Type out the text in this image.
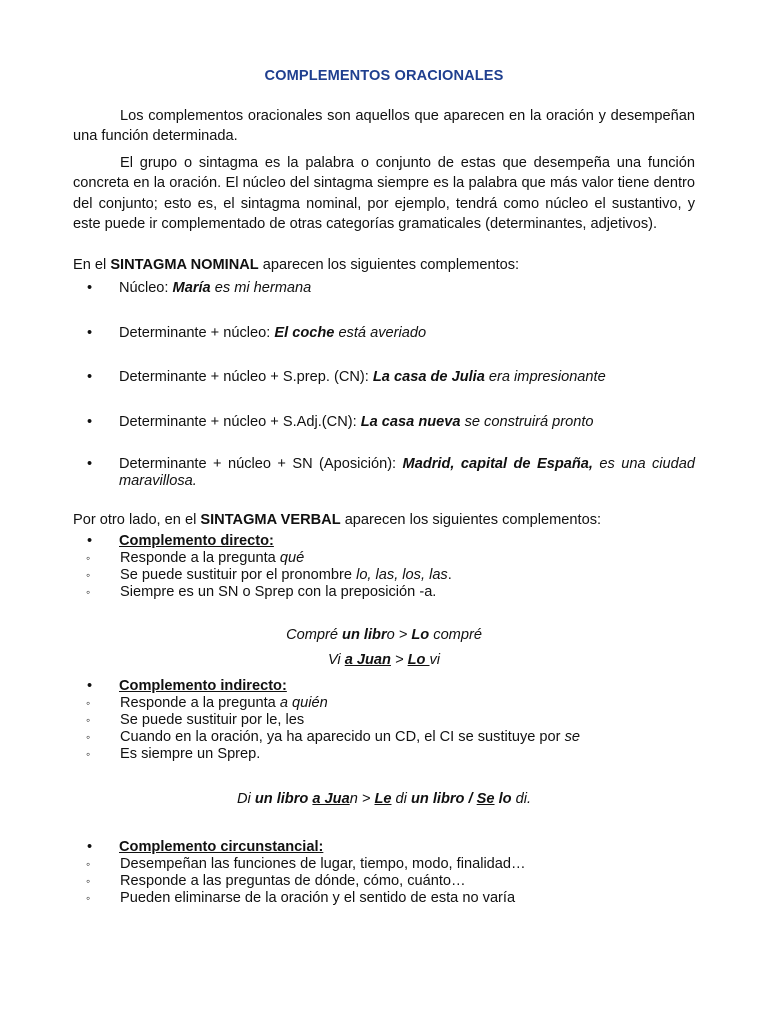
COMPLEMENTOS ORACIONALES

Los complementos oracionales son aquellos que aparecen en la oración y desempeñan una función determinada.

El grupo o sintagma es la palabra o conjunto de estas que desempeña una función concreta en la oración. El núcleo del sintagma siempre es la palabra que más valor tiene dentro del conjunto; esto es, el sintagma nominal, por ejemplo, tendrá como núcleo el sustantivo, y este puede ir complementado de otras categorías gramaticales (determinantes, adjetivos).

En el SINTAGMA NOMINAL aparecen los siguientes complementos:

• Núcleo: María es mi hermana
• Determinante + núcleo: El coche está averiado
• Determinante + núcleo + S.prep. (CN): La casa de Julia era impresionante
• Determinante + núcleo + S.Adj.(CN): La casa nueva se construirá pronto
• Determinante + núcleo + SN (Aposición): Madrid, capital de España, es una ciudad maravillosa.

Por otro lado, en el SINTAGMA VERBAL aparecen los siguientes complementos:

• Complemento directo:
◦ Responde a la pregunta qué
◦ Se puede sustituir por el pronombre lo, las, los, las.
◦ Siempre es un SN o Sprep con la preposición -a.

Compré un libro > Lo compré

Vi a Juan > Lo vi

• Complemento indirecto:
◦ Responde a la pregunta a quién
◦ Se puede sustituir por le, les
◦ Cuando en la oración, ya ha aparecido un CD, el CI se sustituye por se
◦ Es siempre un Sprep.

Di un libro a Juan > Le di un libro / Se lo di.

• Complemento circunstancial:
◦ Desempeñan las funciones de lugar, tiempo, modo, finalidad…
◦ Responde a las preguntas de dónde, cómo, cuánto…
◦ Pueden eliminarse de la oración y el sentido de esta no varía
